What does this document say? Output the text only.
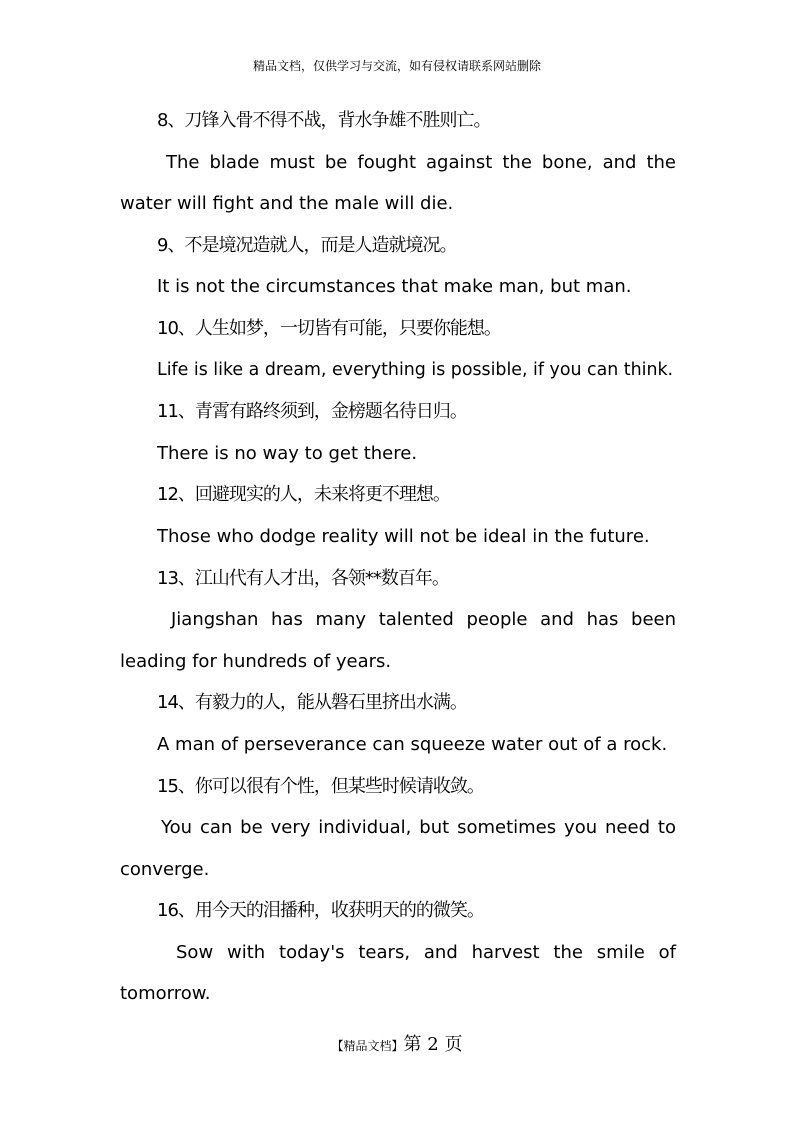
精品文档，仅供学习与交流，如有侵权请联系网站删除
8、刀锋入骨不得不战，背水争雄不胜则亡。
The blade must be fought against the bone, and the
water will fight and the male will die.
9、不是境况造就人，而是人造就境况。
It is not the circumstances that make man, but man.
10、人生如梦，一切皆有可能，只要你能想。
Life is like a dream, everything is possible, if you can think.
11、青霄有路终须到，金榜题名待日归。
There is no way to get there.
12、回避现实的人，未来将更不理想。
Those who dodge reality will not be ideal in the future.
13、江山代有人才出，各领**数百年。
Jiangshan has many talented people and has been
leading for hundreds of years.
14、有毅力的人，能从磐石里挤出水满。
A man of perseverance can squeeze water out of a rock.
15、你可以很有个性，但某些时候请收敛。
You can be very individual, but sometimes you need to
converge.
16、用今天的泪播种，收获明天的的微笑。
Sow with today's tears, and harvest the smile of
tomorrow.
【精品文档】第 2 页
